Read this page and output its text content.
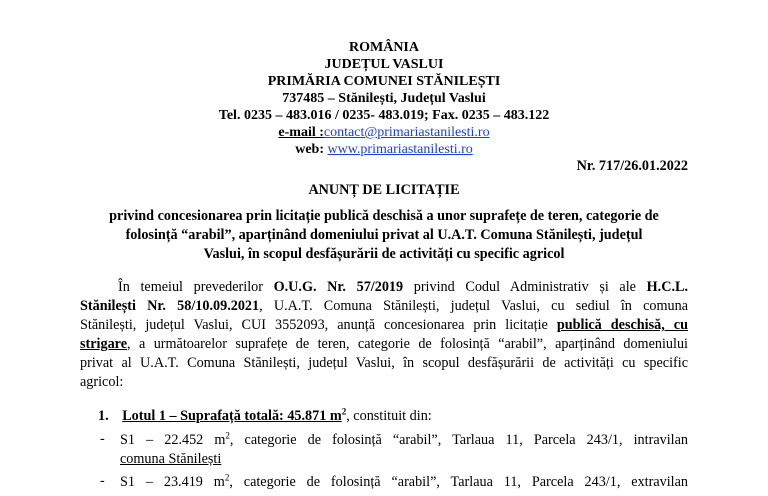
ROMÂNIA
JUDEȚUL VASLUI
PRIMĂRIA COMUNEI STĂNILEȘTI
737485 – Stănilești, Județul Vaslui
Tel. 0235 – 483.016 / 0235- 483.019; Fax. 0235 – 483.122
e-mail :contact@primariastanilesti.ro
web: www.primariastanilesti.ro
Nr. 717/26.01.2022
ANUNȚ DE LICITAȚIE
privind concesionarea prin licitație publică deschisă a unor suprafețe de teren, categorie de
folosință “arabil”, aparținând domeniului privat al U.A.T. Comuna Stănilești, județul
Vaslui, în scopul desfășurării de activități cu specific agricol
În temeiul prevederilor O.U.G. Nr. 57/2019 privind Codul Administrativ și ale H.C.L.
Stănilești Nr. 58/10.09.2021, U.A.T. Comuna Stănilești, județul Vaslui, cu sediul în comuna
Stănilești, județul Vaslui, CUI 3552093, anunță concesionarea prin licitație publică deschisă, cu
strigare, a următoarelor suprafețe de teren, categorie de folosință “arabil”, aparținând domeniului
privat al U.A.T. Comuna Stănilești, județul Vaslui, în scopul desfășurării de activități cu specific
agricol:
1. Lotul 1 – Suprafață totală: 45.871 $m^2$, constituit din:
- S1 – 22.452 $m^2$, categorie de folosință “arabil”, Tarlaua 11, Parcela 243/1, intravilan
comuna Stănilești
- S1 – 23.419 $m^2$, categorie de folosință “arabil”, Tarlaua 11, Parcela 243/1, extravilan
